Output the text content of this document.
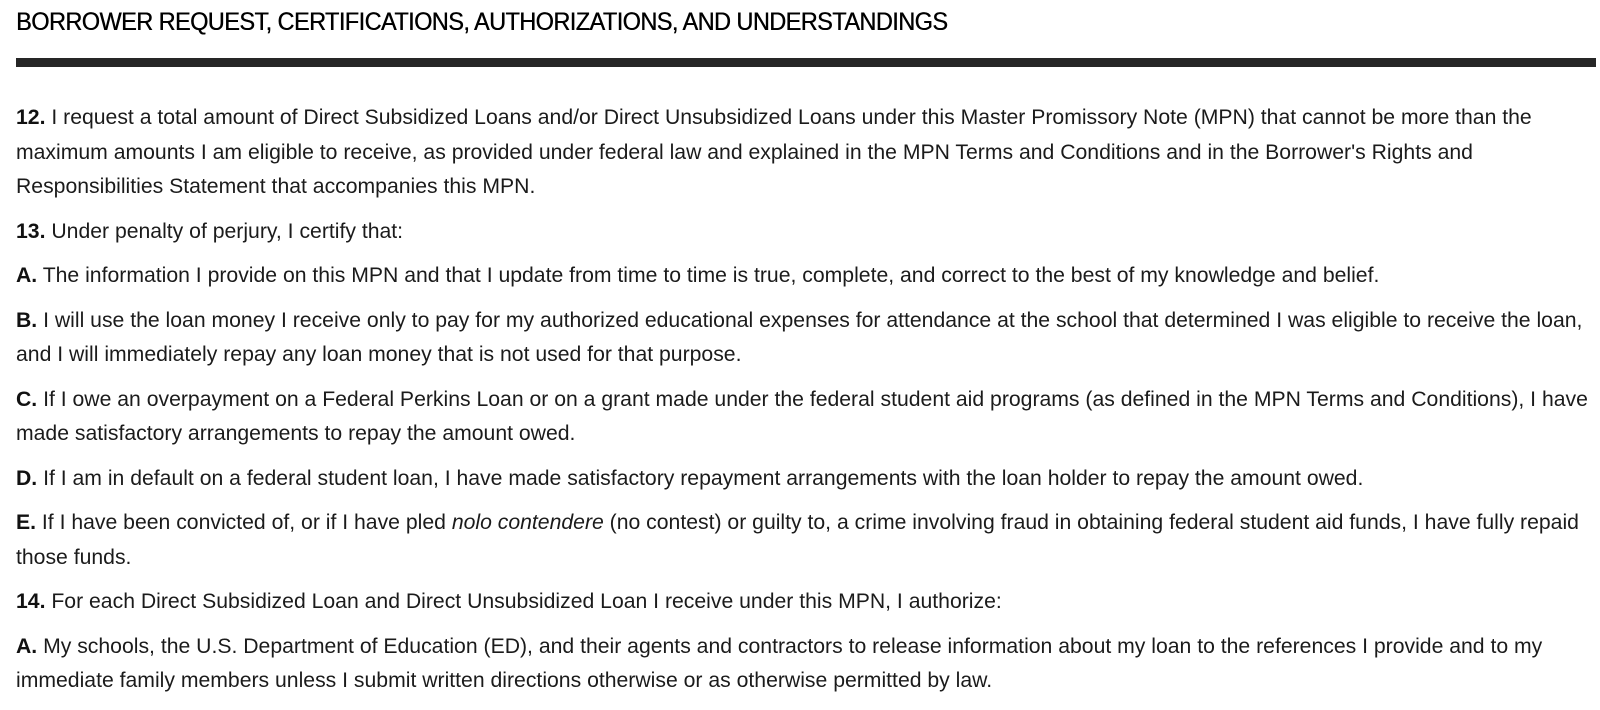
BORROWER REQUEST, CERTIFICATIONS, AUTHORIZATIONS, AND UNDERSTANDINGS

12. I request a total amount of Direct Subsidized Loans and/or Direct Unsubsidized Loans under this Master Promissory Note (MPN) that cannot be more than the maximum amounts I am eligible to receive, as provided under federal law and explained in the MPN Terms and Conditions and in the Borrower's Rights and Responsibilities Statement that accompanies this MPN.

13. Under penalty of perjury, I certify that:

A. The information I provide on this MPN and that I update from time to time is true, complete, and correct to the best of my knowledge and belief.

B. I will use the loan money I receive only to pay for my authorized educational expenses for attendance at the school that determined I was eligible to receive the loan, and I will immediately repay any loan money that is not used for that purpose.

C. If I owe an overpayment on a Federal Perkins Loan or on a grant made under the federal student aid programs (as defined in the MPN Terms and Conditions), I have made satisfactory arrangements to repay the amount owed.

D. If I am in default on a federal student loan, I have made satisfactory repayment arrangements with the loan holder to repay the amount owed.

E. If I have been convicted of, or if I have pled nolo contendere (no contest) or guilty to, a crime involving fraud in obtaining federal student aid funds, I have fully repaid those funds.

14. For each Direct Subsidized Loan and Direct Unsubsidized Loan I receive under this MPN, I authorize:

A. My schools, the U.S. Department of Education (ED), and their agents and contractors to release information about my loan to the references I provide and to my immediate family members unless I submit written directions otherwise or as otherwise permitted by law.
